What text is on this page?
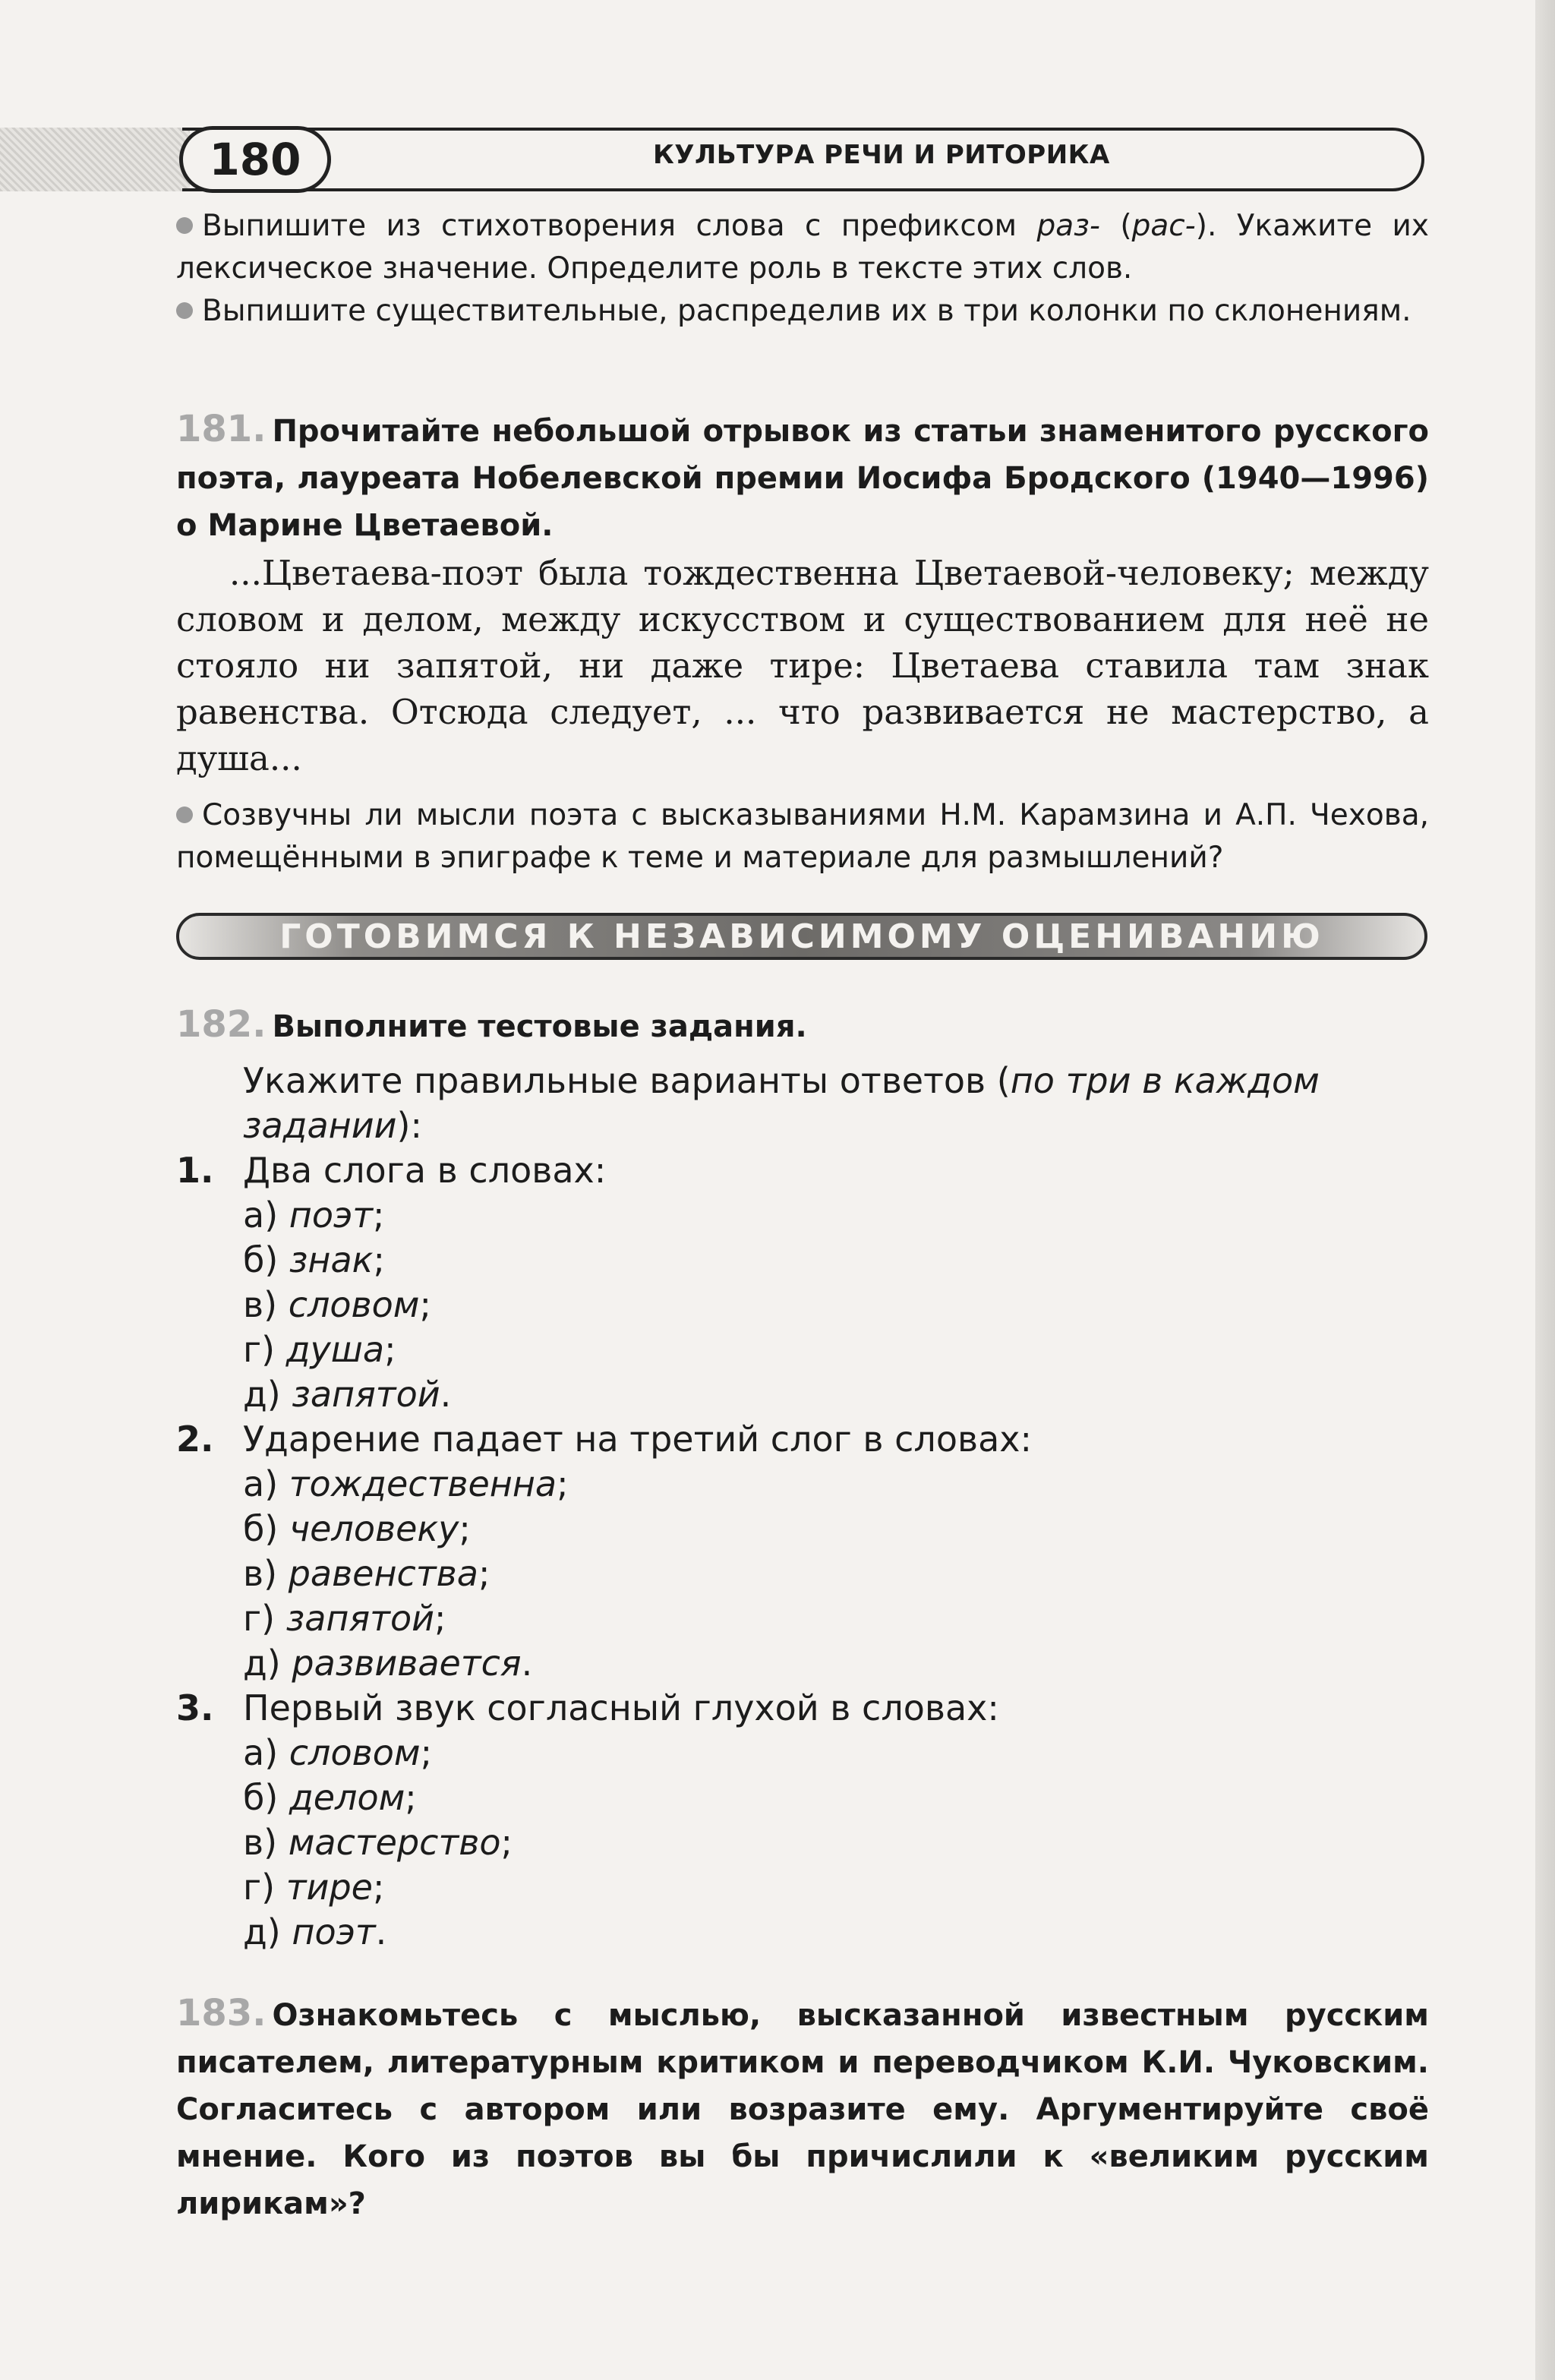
180	КУЛЬТУРА РЕЧИ И РИТОРИКА
Выпишите из стихотворения слова с префиксом раз- (рас-). Укажите их лексическое значение. Определите роль в тексте этих слов.
Выпишите существительные, распределив их в три колонки по склонениям.
181. Прочитайте небольшой отрывок из статьи знаменитого русского поэта, лауреата Нобелевской премии Иосифа Бродского (1940—1996) о Марине Цветаевой.
...Цветаева-поэт была тождественна Цветаевой-человеку; между словом и делом, между искусством и существованием для неё не стояло ни запятой, ни даже тире: Цветаева ставила там знак равенства. Отсюда следует, ... что развивается не мастерство, а душа...
Созвучны ли мысли поэта с высказываниями Н.М. Карамзина и А.П. Чехова, помещёнными в эпиграфе к теме и материале для размышлений?
ГОТОВИМСЯ К НЕЗАВИСИМОМУ ОЦЕНИВАНИЮ
182. Выполните тестовые задания.
Укажите правильные варианты ответов (по три в каждом задании):
1. Два слога в словах:
а) поэт;
б) знак;
в) словом;
г) душа;
д) запятой.
2. Ударение падает на третий слог в словах:
а) тождественна;
б) человеку;
в) равенства;
г) запятой;
д) развивается.
3. Первый звук согласный глухой в словах:
а) словом;
б) делом;
в) мастерство;
г) тире;
д) поэт.
183. Ознакомьтесь с мыслью, высказанной известным русским писателем, литературным критиком и переводчиком К.И. Чуковским. Согласитесь с автором или возразите ему. Аргументируйте своё мнение. Кого из поэтов вы бы причислили к «великим русским лирикам»?
